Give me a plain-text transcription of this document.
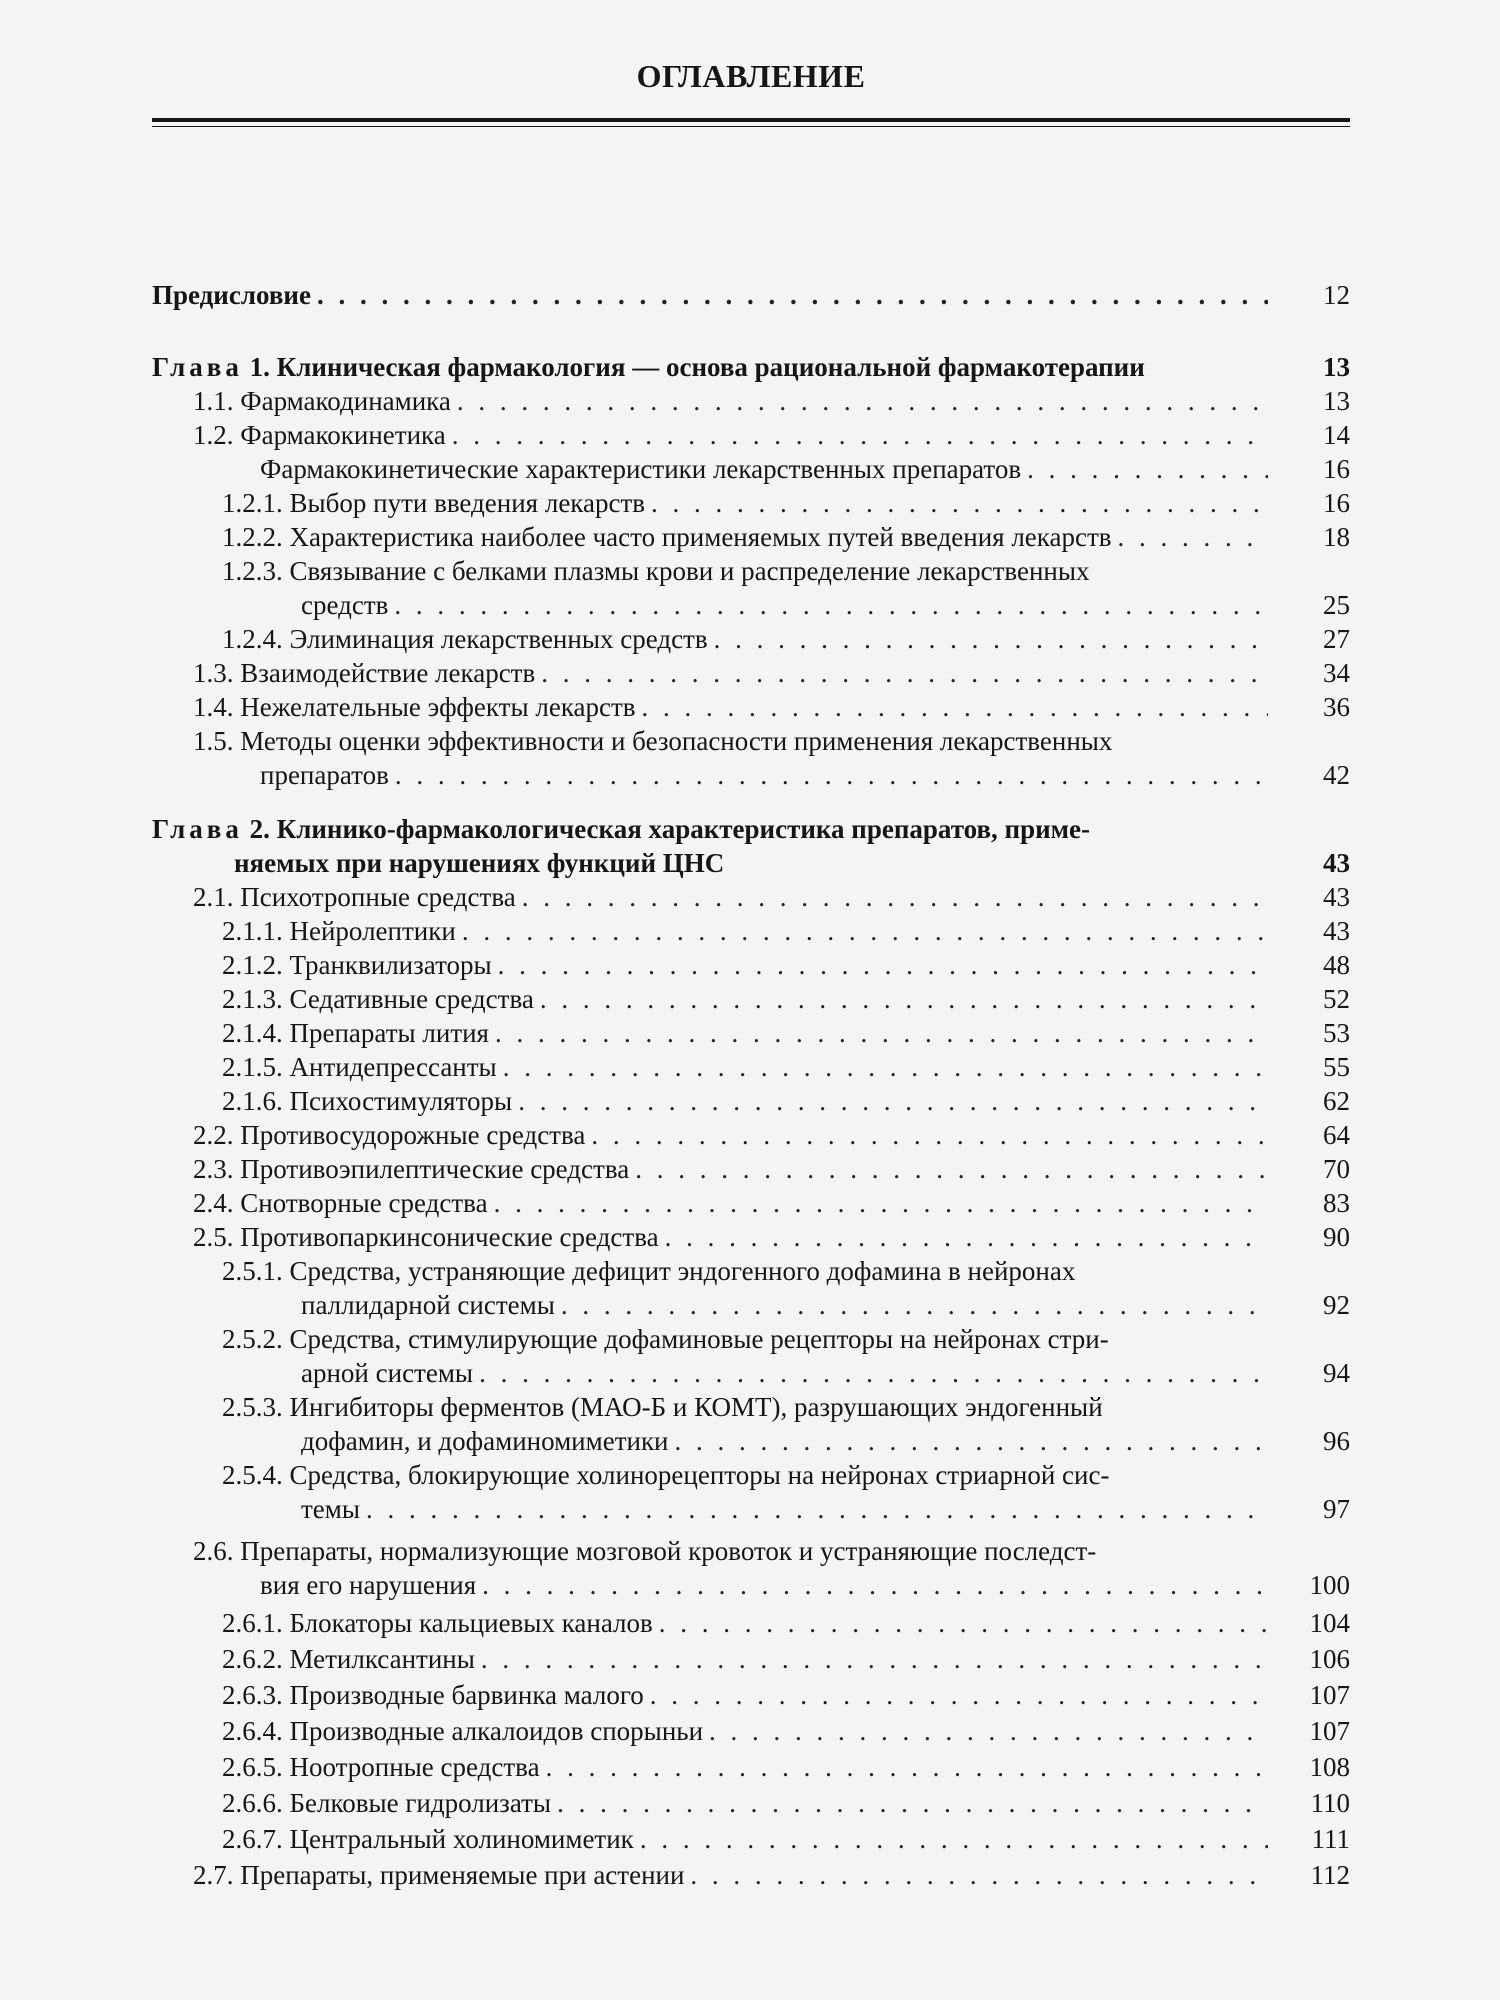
ОГЛАВЛЕНИЕ
Предисловие . . .	12
Глава
1. Клиническая фармакология — основа рациональной фармакотерапии	13
1.1. Фармакодинамика . . .	13
1.2. Фармакокинетика . . .	14
Фармакокинетические характеристики лекарственных препаратов . . .	16
1.2.1. Выбор пути введения лекарств . . .	16
1.2.2. Характеристика наиболее часто применяемых путей введения лекарств . . .	18
1.2.3. Связывание с белками плазмы крови и распределение лекарственных
средств . . .	25
1.2.4. Элиминация лекарственных средств . . .	27
1.3. Взаимодействие лекарств . . .	34
1.4. Нежелательные эффекты лекарств . . .	36
1.5. Методы оценки эффективности и безопасности применения лекарственных
препаратов . . .	42
Глава
2. Клинико-фармакологическая характеристика препаратов, приме-
няемых при нарушениях функций ЦНС	43
2.1. Психотропные средства . . .	43
2.1.1. Нейролептики . . .	43
2.1.2. Транквилизаторы . . .	48
2.1.3. Седативные средства . . .	52
2.1.4. Препараты лития . . .	53
2.1.5. Антидепрессанты . . .	55
2.1.6. Психостимуляторы . . .	62
2.2. Противосудорожные средства . . .	64
2.3. Противоэпилептические средства . . .	70
2.4. Снотворные средства . . .	83
2.5. Противопаркинсонические средства . . .	90
2.5.1. Средства, устраняющие дефицит эндогенного дофамина в нейронах
паллидарной системы . . .	92
2.5.2. Средства, стимулирующие дофаминовые рецепторы на нейронах стри-
арной системы . . .	94
2.5.3. Ингибиторы ферментов (МАО-Б и КОМТ), разрушающих эндогенный
дофамин, и дофаминомиметики . . .	96
2.5.4. Средства, блокирующие холинорецепторы на нейронах стриарной сис-
темы . . .	97
2.6. Препараты, нормализующие мозговой кровоток и устраняющие последст-
вия его нарушения . . .	100
2.6.1. Блокаторы кальциевых каналов . . .	104
2.6.2. Метилксантины . . .	106
2.6.3. Производные барвинка малого . . .	107
2.6.4. Производные алкалоидов спорыньи . . .	107
2.6.5. Ноотропные средства . . .	108
2.6.6. Белковые гидролизаты . . .	110
2.6.7. Центральный холиномиметик . . .	111
2.7. Препараты, применяемые при астении . . .	112
